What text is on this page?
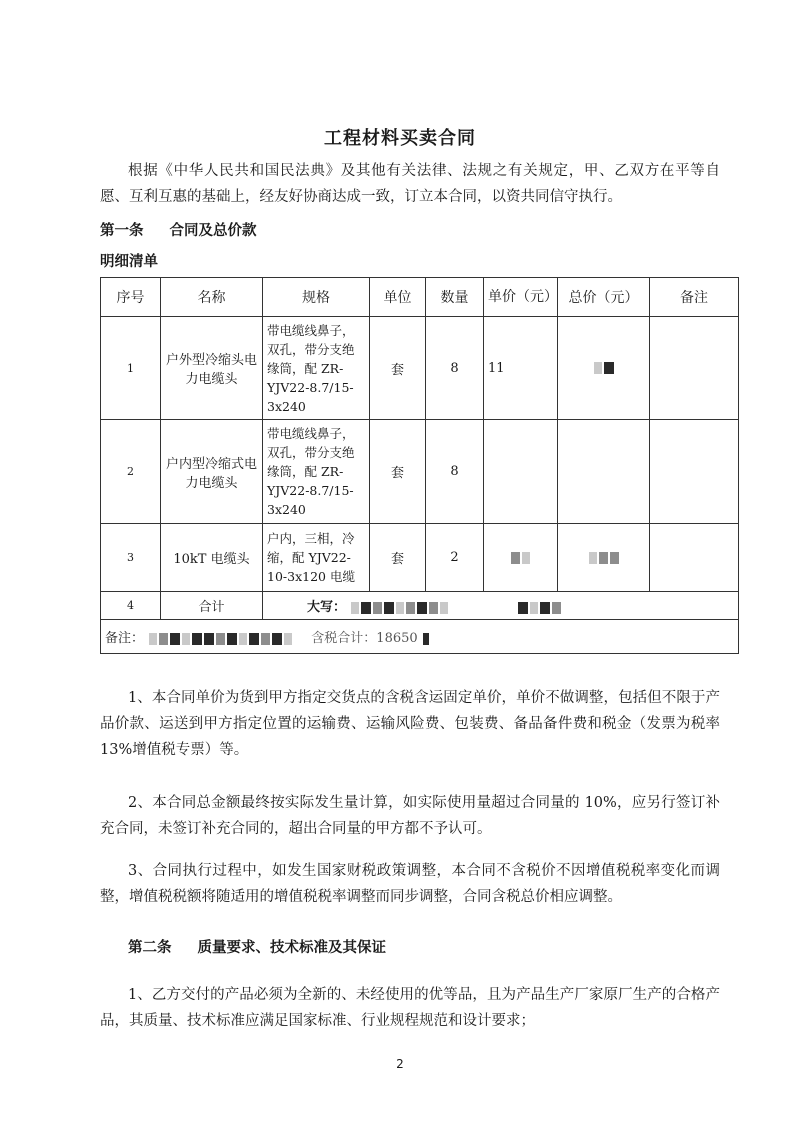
工程材料买卖合同

根据《中华人民共和国民法典》及其他有关法律、法规之有关规定，甲、乙双方在平等自愿、互利互惠的基础上，经友好协商达成一致，订立本合同，以资共同信守执行。

第一条 合同及总价款

明细清单

序号	名称	规格	单位	数量	单价（元）	总价（元）	备注
1	户外型冷缩头电力电缆头	带电缆线鼻子，双孔，带分支绝缘筒，配 ZR-YJV22-8.7/15-3x240	套	8	11		
2	户内型冷缩式电力电缆头	带电缆线鼻子，双孔，带分支绝缘筒，配 ZR-YJV22-8.7/15-3x240	套	8			
3	10kT 电缆头	户内，三相，冷缩，配 YJV22-10-3x120 电缆	套	2			
4	合计	大写：					
备注： 含税合计：18650							

1、本合同单价为货到甲方指定交货点的含税含运固定单价，单价不做调整，包括但不限于产品价款、运送到甲方指定位置的运输费、运输风险费、包装费、备品备件费和税金（发票为税率 13%增值税专票）等。

2、本合同总金额最终按实际发生量计算，如实际使用量超过合同量的 10%，应另行签订补充合同，未签订补充合同的，超出合同量的甲方都不予认可。

3、合同执行过程中，如发生国家财税政策调整，本合同不含税价不因增值税税率变化而调整，增值税税额将随适用的增值税税率调整而同步调整，合同含税总价相应调整。

第二条 质量要求、技术标准及其保证

1、乙方交付的产品必须为全新的、未经使用的优等品，且为产品生产厂家原厂生产的合格产品，其质量、技术标准应满足国家标准、行业规程规范和设计要求；

2
